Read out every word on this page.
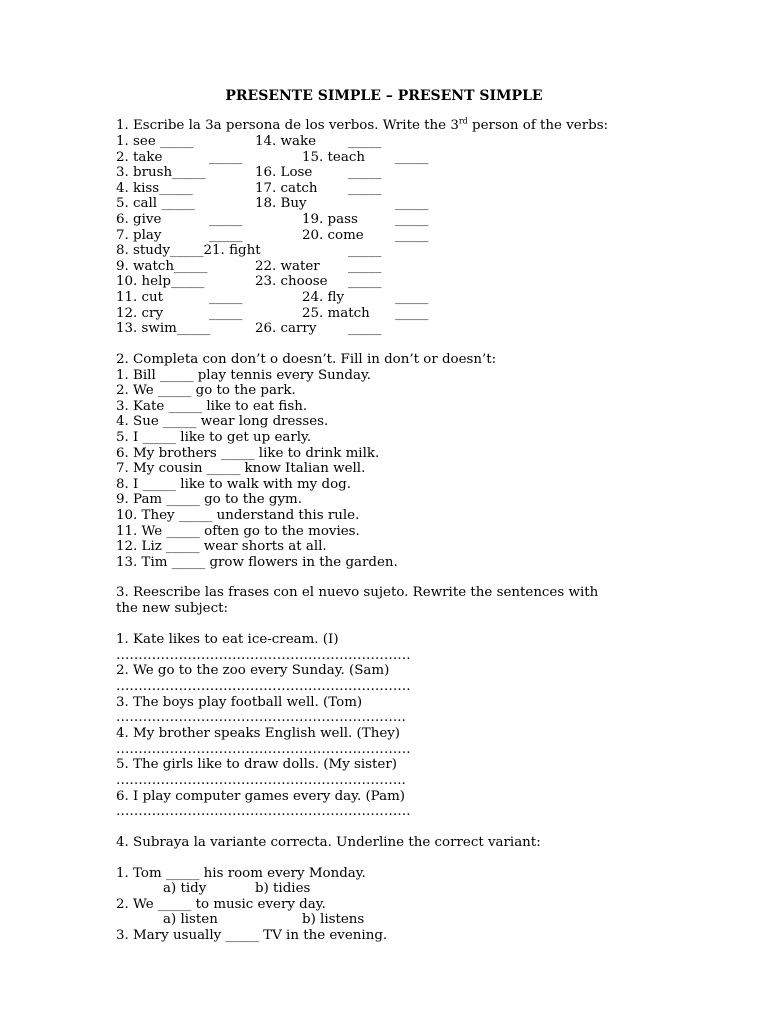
PRESENTE SIMPLE – PRESENT SIMPLE
1. Escribe la 3a persona de los verbos. Write the 3rd person of the verbs:
1. see _____	14. wake _____
2. take	_____	15. teach _____
3. brush_____	16. Lose	_____
4. kiss_____	17. catch _____
5. call _____	18. Buy	_____
6. give	_____	19. pass	_____
7. play	_____	20. come _____
8. study_____21. fight	_____
9. watch_____	22. water _____
10. help_____	23. choose _____
11. cut	_____	24. fly	_____
12. cry	_____	25. match _____
13. swim_____	26. carry _____
2. Completa con don’t o doesn’t. Fill in don’t or doesn’t:
1. Bill _____ play tennis every Sunday.
2. We _____ go to the park.
3. Kate _____ like to eat fish.
4. Sue _____ wear long dresses.
5. I _____ like to get up early.
6. My brothers _____ like to drink milk.
7. My cousin _____ know Italian well.
8. I _____ like to walk with my dog.
9. Pam _____ go to the gym.
10. They _____ understand this rule.
11. We _____ often go to the movies.
12. Liz _____ wear shorts at all.
13. Tim _____ grow flowers in the garden.
3. Reescribe las frases con el nuevo sujeto. Rewrite the sentences with
the new subject:
1. Kate likes to eat ice-cream. (I)
…………………………………………………………
2. We go to the zoo every Sunday. (Sam)
…………………………………………………………
3. The boys play football well. (Tom)
………………………………………………………..
4. My brother speaks English well. (They)
…………………………………………………………
5. The girls like to draw dolls. (My sister)
………………………………………………………..
6. I play computer games every day. (Pam)
…………………………………………………………
4. Subraya la variante correcta. Underline the correct variant:
1. Tom _____ his room every Monday.
a) tidy	b) tidies
2. We _____ to music every day.
a) listen	b) listens
3. Mary usually _____ TV in the evening.
